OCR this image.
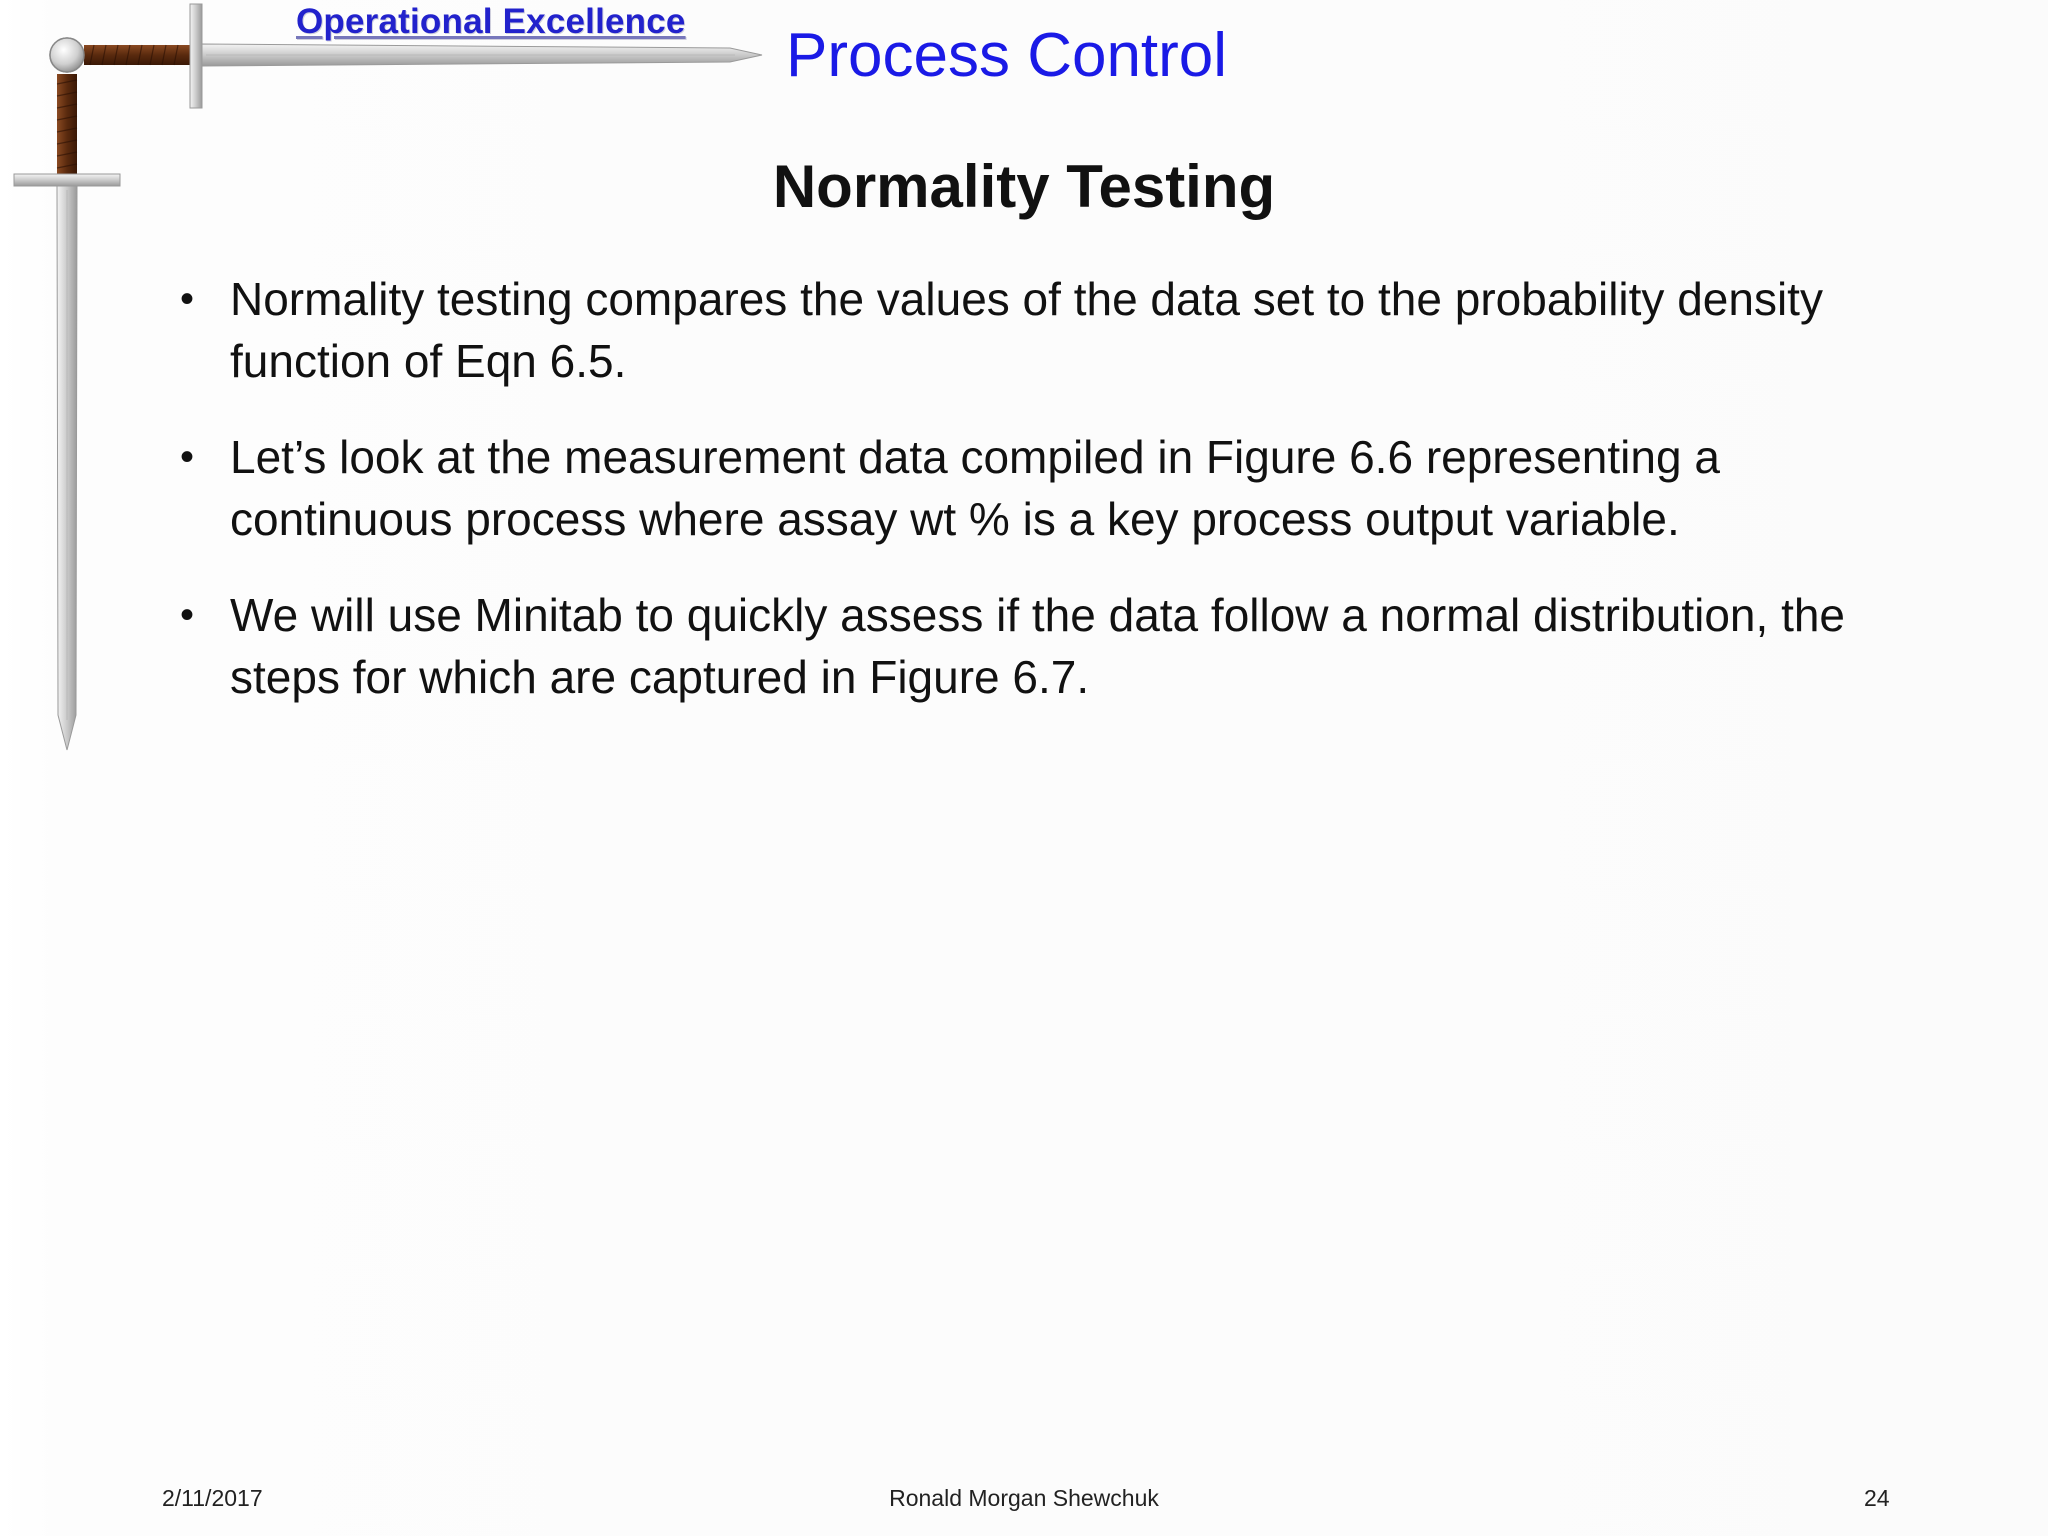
Operational Excellence Process Control
Normality Testing
• Normality testing compares the values of the data set to the probability density function of Eqn 6.5.
• Let’s look at the measurement data compiled in Figure 6.6 representing a continuous process where assay wt % is a key process output variable.
• We will use Minitab to quickly assess if the data follow a normal distribution, the steps for which are captured in Figure 6.7.
2/11/2017	Ronald Morgan Shewchuk	24
